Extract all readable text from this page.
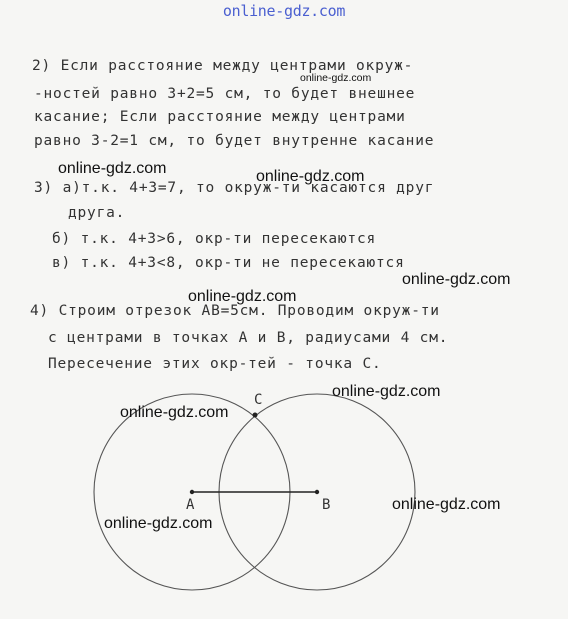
online-gdz.com
2) Если расстояние между центрами окруж-
-ностей равно 3+2=5 см, то будет внешнее
касание; Если расстояние между центрами
равно 3-2=1 см, то будет внутренне касание
3) а)т.к. 4+3=7, то окруж-ти касаются друг
друга.
б) т.к. 4+3>6, окр-ти пересекаются
в) т.к. 4+3<8, окр-ти не пересекаются
4) Строим отрезок AB=5см. Проводим окруж-ти
с центрами в точках А и В, радиусами 4 см.
Пересечение этих окр-тей - точка С.
A	B
C
online-gdz.com
online-gdz.com	online-gdz.com
online-gdz.com
online-gdz.com
online-gdz.com
online-gdz.com
online-gdz.com
online-gdz.com
